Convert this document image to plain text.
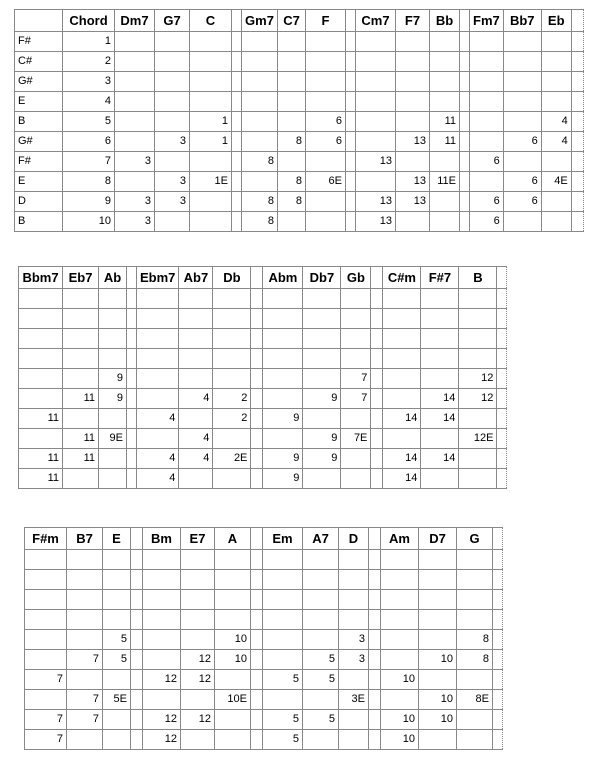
	Chord	Dm7	G7	C		Gm7	C7	F		Cm7	F7	Bb		Fm7	Bb7	Eb	
F#	1																
C#	2																
G#	3																
E	4																
B	5			1				6				11				4	
G#	6		3	1			8	6			13	11			6	4	
F#	7	3				8				13				6			
E	8		3	1E			8	6E			13	11E			6	4E	
D	9	3	3			8	8			13	13			6	6		
B	10	3				8				13				6			
Bbm7	Eb7	Ab		Ebm7	Ab7	Db		Abm	Db7	Gb		C#m	F#7	B	

		9								7				12	
	11	9			4	2			9	7			14	12	
11				4		2		9				14	14		
	11	9E			4				9	7E				12E	
11	11			4	4	2E		9	9			14	14		
11				4				9				14			
F#m	B7	E		Bm	E7	A		Em	A7	D		Am	D7	G	

		5				10				3				8	
	7	5			12	10			5	3			10	8	
7				12	12			5	5			10			
	7	5E				10E				3E			10	8E	
7	7			12	12			5	5			10	10		
7				12				5				10			
